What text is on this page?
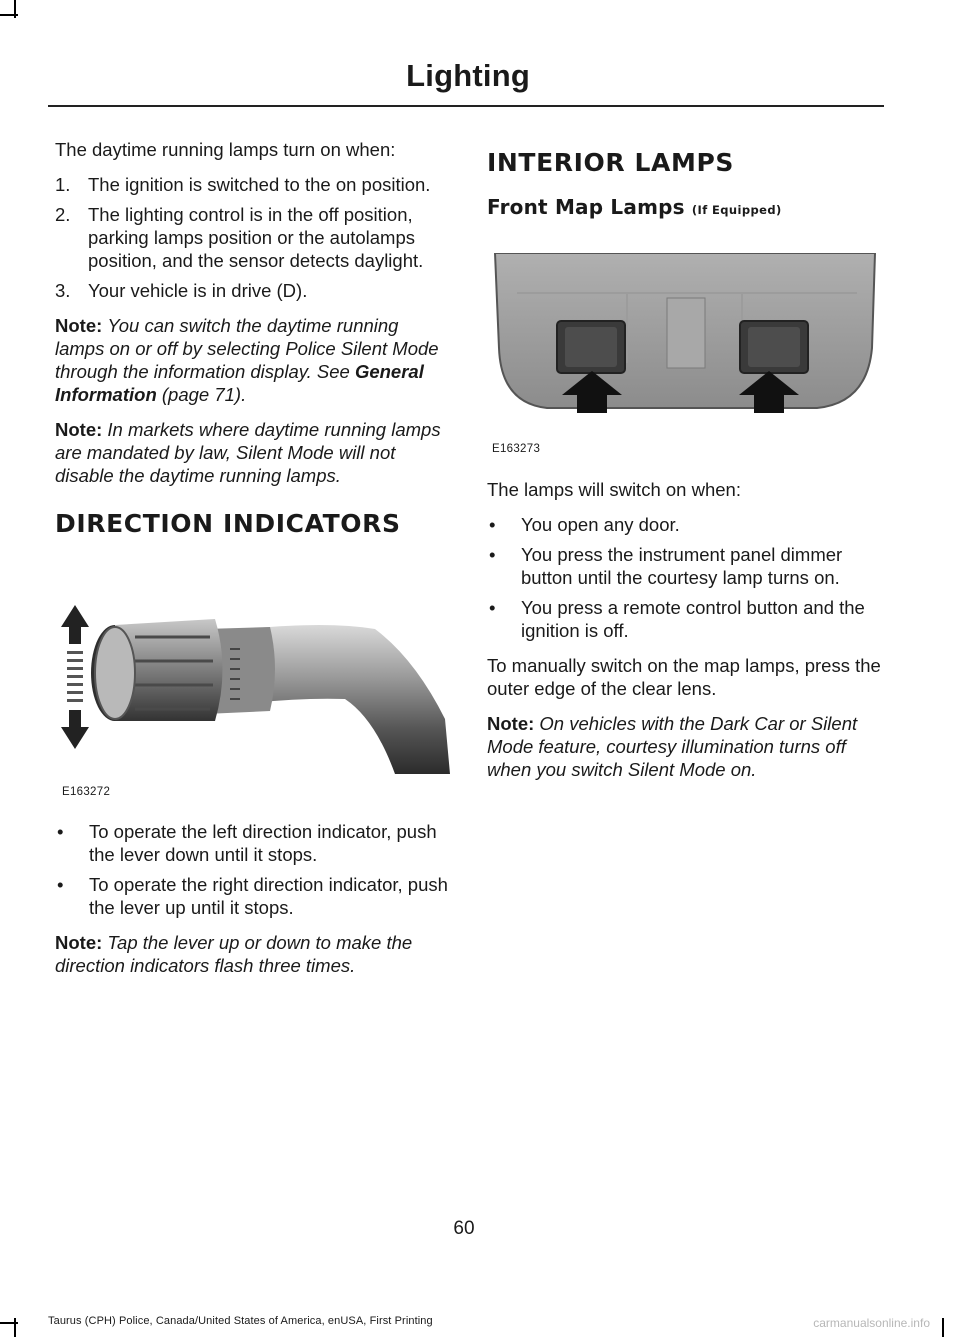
Lighting

The daytime running lamps turn on when:

1. The ignition is switched to the on position.
2. The lighting control is in the off position, parking lamps position or the autolamps position, and the sensor detects daylight.
3. Your vehicle is in drive (D).

Note: You can switch the daytime running lamps on or off by selecting Police Silent Mode through the information display. See General Information (page 71).

Note: In markets where daytime running lamps are mandated by law, Silent Mode will not disable the daytime running lamps.

DIRECTION INDICATORS
E163272
• To operate the left direction indicator, push the lever down until it stops.
• To operate the right direction indicator, push the lever up until it stops.

Note: Tap the lever up or down to make the direction indicators flash three times.

INTERIOR LAMPS
Front Map Lamps (If Equipped)
E163273

The lamps will switch on when:

• You open any door.
• You press the instrument panel dimmer button until the courtesy lamp turns on.
• You press a remote control button and the ignition is off.

To manually switch on the map lamps, press the outer edge of the clear lens.

Note: On vehicles with the Dark Car or Silent Mode feature, courtesy illumination turns off when you switch Silent Mode on.

60
Taurus (CPH) Police, Canada/United States of America, enUSA, First Printing	carmanualsonline.info
